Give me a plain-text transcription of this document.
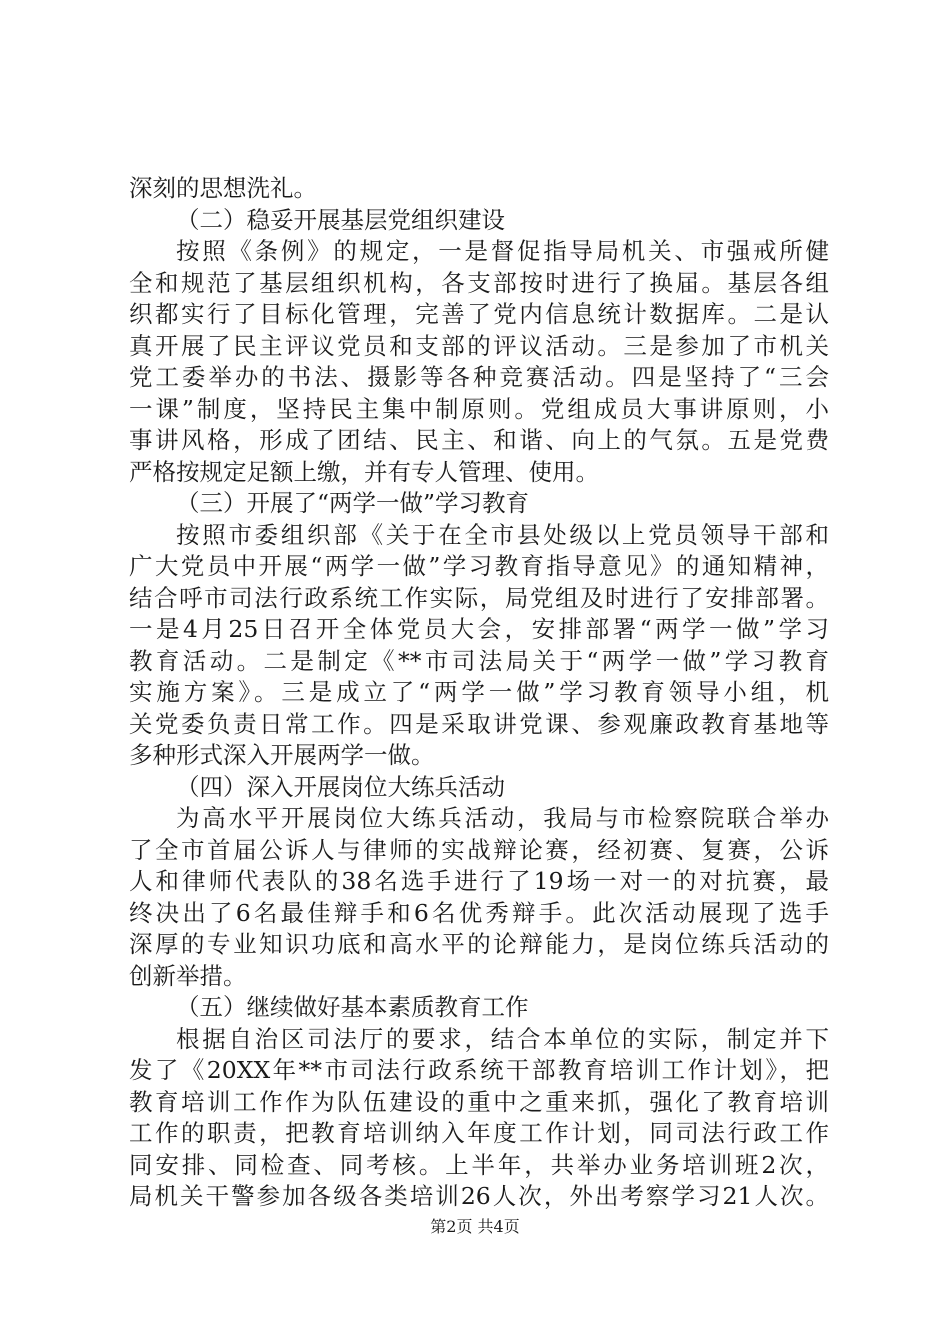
深刻的思想洗礼。
（二）稳妥开展基层党组织建设
按照《条例》的规定，一是督促指导局机关、市强戒所健
全和规范了基层组织机构，各支部按时进行了换届。基层各组
织都实行了目标化管理，完善了党内信息统计数据库。二是认
真开展了民主评议党员和支部的评议活动。三是参加了市机关
党工委举办的书法、摄影等各种竞赛活动。四是坚持了“三会
一课”制度，坚持民主集中制原则。党组成员大事讲原则，小
事讲风格，形成了团结、民主、和谐、向上的气氛。五是党费
严格按规定足额上缴，并有专人管理、使用。
（三）开展了“两学一做”学习教育
按照市委组织部《关于在全市县处级以上党员领导干部和
广大党员中开展“两学一做”学习教育指导意见》的通知精神，
结合呼市司法行政系统工作实际，局党组及时进行了安排部署。
一是4月25日召开全体党员大会，安排部署“两学一做”学习
教育活动。二是制定《**市司法局关于“两学一做”学习教育
实施方案》。三是成立了“两学一做”学习教育领导小组，机
关党委负责日常工作。四是采取讲党课、参观廉政教育基地等
多种形式深入开展两学一做。
（四）深入开展岗位大练兵活动
为高水平开展岗位大练兵活动，我局与市检察院联合举办
了全市首届公诉人与律师的实战辩论赛，经初赛、复赛，公诉
人和律师代表队的38名选手进行了19场一对一的对抗赛，最
终决出了6名最佳辩手和6名优秀辩手。此次活动展现了选手
深厚的专业知识功底和高水平的论辩能力，是岗位练兵活动的
创新举措。
（五）继续做好基本素质教育工作
根据自治区司法厅的要求，结合本单位的实际，制定并下
发了《20XX年**市司法行政系统干部教育培训工作计划》，把
教育培训工作作为队伍建设的重中之重来抓，强化了教育培训
工作的职责，把教育培训纳入年度工作计划，同司法行政工作
同安排、同检查、同考核。上半年，共举办业务培训班2次，
局机关干警参加各级各类培训26人次，外出考察学习21人次。
第2页 共4页
